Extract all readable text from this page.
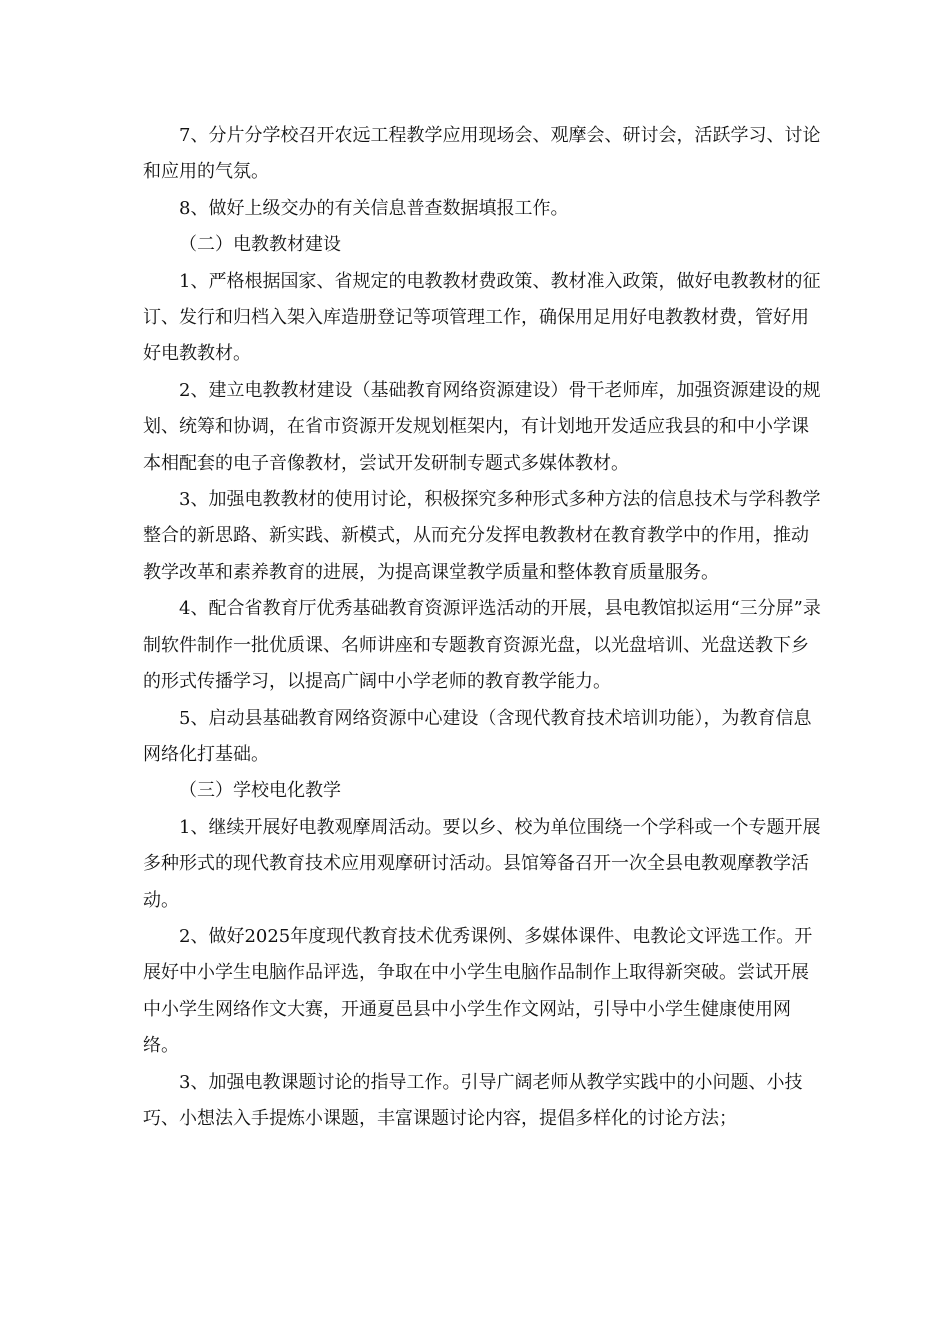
7、分片分学校召开农远工程教学应用现场会、观摩会、研讨会，活跃学习、讨论和应用的气氛。

8、做好上级交办的有关信息普查数据填报工作。

（二）电教教材建设

1、严格根据国家、省规定的电教教材费政策、教材准入政策，做好电教教材的征订、发行和归档入架入库造册登记等项管理工作，确保用足用好电教教材费，管好用好电教教材。

2、建立电教教材建设（基础教育网络资源建设）骨干老师库，加强资源建设的规划、统筹和协调，在省市资源开发规划框架内，有计划地开发适应我县的和中小学课本相配套的电子音像教材，尝试开发研制专题式多媒体教材。

3、加强电教教材的使用讨论，积极探究多种形式多种方法的信息技术与学科教学整合的新思路、新实践、新模式，从而充分发挥电教教材在教育教学中的作用，推动教学改革和素养教育的进展，为提高课堂教学质量和整体教育质量服务。

4、配合省教育厅优秀基础教育资源评选活动的开展，县电教馆拟运用“三分屏”录制软件制作一批优质课、名师讲座和专题教育资源光盘，以光盘培训、光盘送教下乡的形式传播学习，以提高广阔中小学老师的教育教学能力。

5、启动县基础教育网络资源中心建设（含现代教育技术培训功能），为教育信息网络化打基础。

（三）学校电化教学

1、继续开展好电教观摩周活动。要以乡、校为单位围绕一个学科或一个专题开展多种形式的现代教育技术应用观摩研讨活动。县馆筹备召开一次全县电教观摩教学活动。

2、做好2025年度现代教育技术优秀课例、多媒体课件、电教论文评选工作。开展好中小学生电脑作品评选，争取在中小学生电脑作品制作上取得新突破。尝试开展中小学生网络作文大赛，开通夏邑县中小学生作文网站，引导中小学生健康使用网络。

3、加强电教课题讨论的指导工作。引导广阔老师从教学实践中的小问题、小技巧、小想法入手提炼小课题，丰富课题讨论内容，提倡多样化的讨论方法；
